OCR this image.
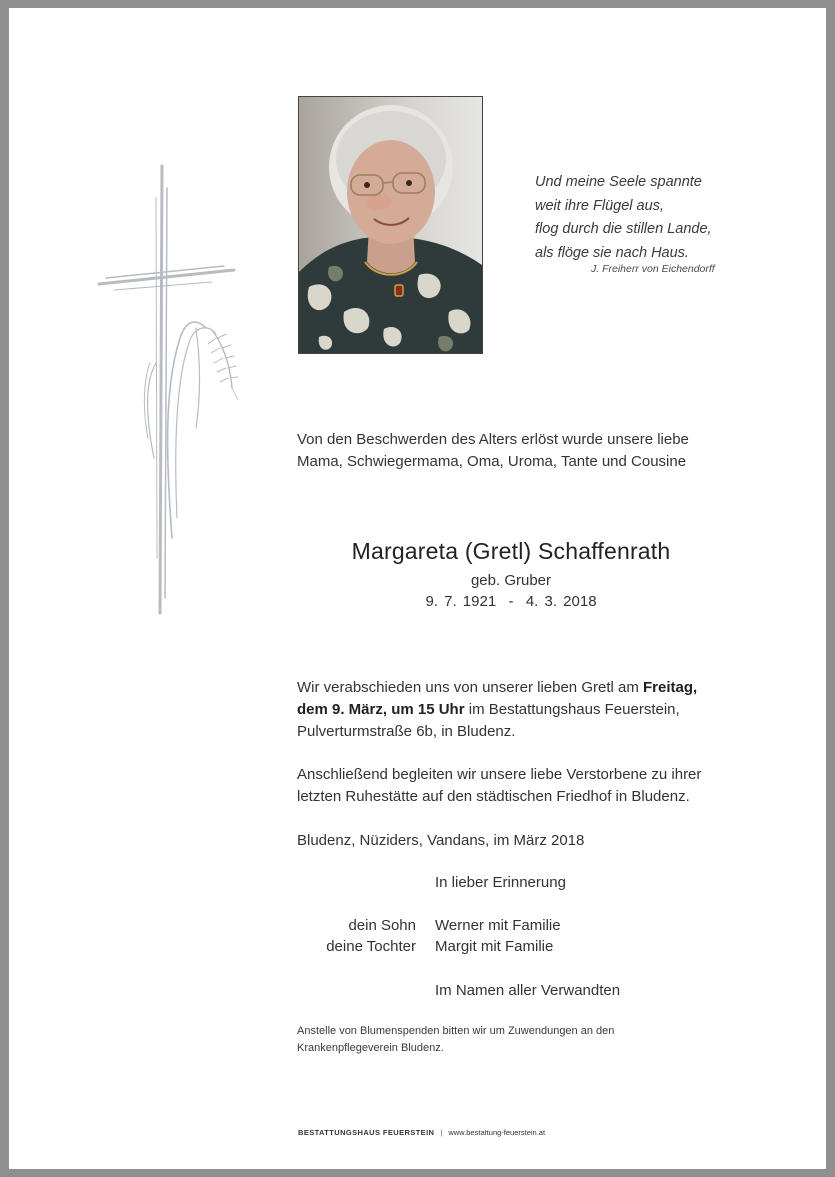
Und meine Seele spannte
weit ihre Flügel aus,
flog durch die stillen Lande,
als flöge sie nach Haus.
J. Freiherr von Eichendorff
Von den Beschwerden des Alters erlöst wurde unsere liebe
Mama, Schwiegermama, Oma, Uroma, Tante und Cousine
Margareta (Gretl) Schaffenrath
geb. Gruber
9. 7. 1921  -  4. 3. 2018
Wir verabschieden uns von unserer lieben Gretl am Freitag,
dem 9. März, um 15 Uhr im Bestattungshaus Feuerstein,
Pulverturmstraße 6b, in Bludenz.
Anschließend begleiten wir unsere liebe Verstorbene zu ihrer
letzten Ruhestätte auf den städtischen Friedhof in Bludenz.
Bludenz, Nüziders, Vandans, im März 2018
In lieber Erinnerung
dein Sohn Werner mit Familie
deine Tochter Margit mit Familie
Im Namen aller Verwandten
Anstelle von Blumenspenden bitten wir um Zuwendungen an den
Krankenpflegeverein Bludenz.
BESTATTUNGSHAUS FEUERSTEIN | www.bestattung-feuerstein.at
